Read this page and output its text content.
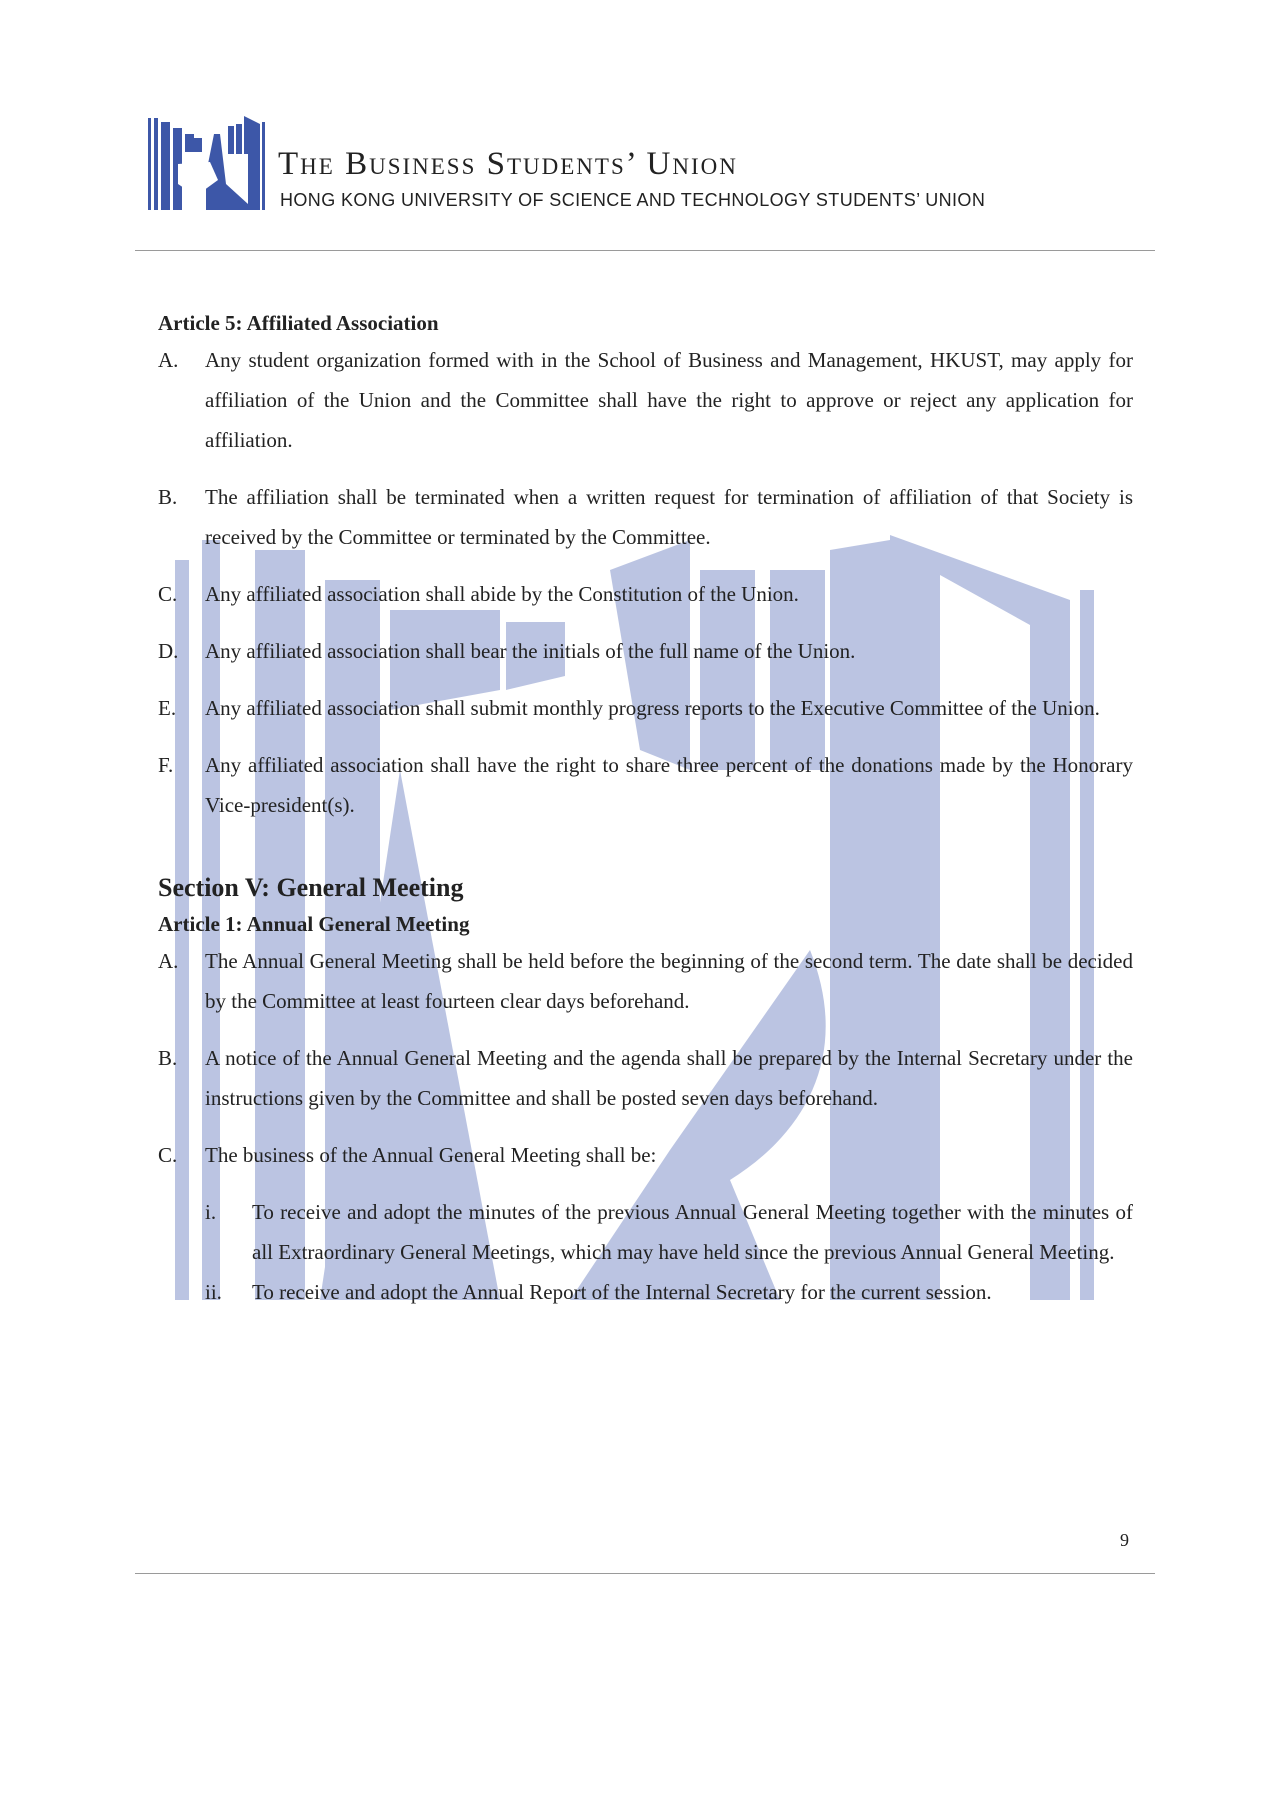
The Business Students’ Union
HONG KONG UNIVERSITY OF SCIENCE AND TECHNOLOGY STUDENTS’ UNION
Article 5: Affiliated Association
A.	Any student organization formed with in the School of Business and Management, HKUST, may apply for affiliation of the Union and the Committee shall have the right to approve or reject any application for affiliation.
B.	The affiliation shall be terminated when a written request for termination of affiliation of that Society is received by the Committee or terminated by the Committee.
C.	Any affiliated association shall abide by the Constitution of the Union.
D.	Any affiliated association shall bear the initials of the full name of the Union.
E.	Any affiliated association shall submit monthly progress reports to the Executive Committee of the Union.
F.	Any affiliated association shall have the right to share three percent of the donations made by the Honorary Vice-president(s).
Section V: General Meeting
Article 1: Annual General Meeting
A.	The Annual General Meeting shall be held before the beginning of the second term. The date shall be decided by the Committee at least fourteen clear days beforehand.
B.	A notice of the Annual General Meeting and the agenda shall be prepared by the Internal Secretary under the instructions given by the Committee and shall be posted seven days beforehand.
C.	The business of the Annual General Meeting shall be:
i.	To receive and adopt the minutes of the previous Annual General Meeting together with the minutes of all Extraordinary General Meetings, which may have held since the previous Annual General Meeting.
ii.	To receive and adopt the Annual Report of the Internal Secretary for the current session.
9
